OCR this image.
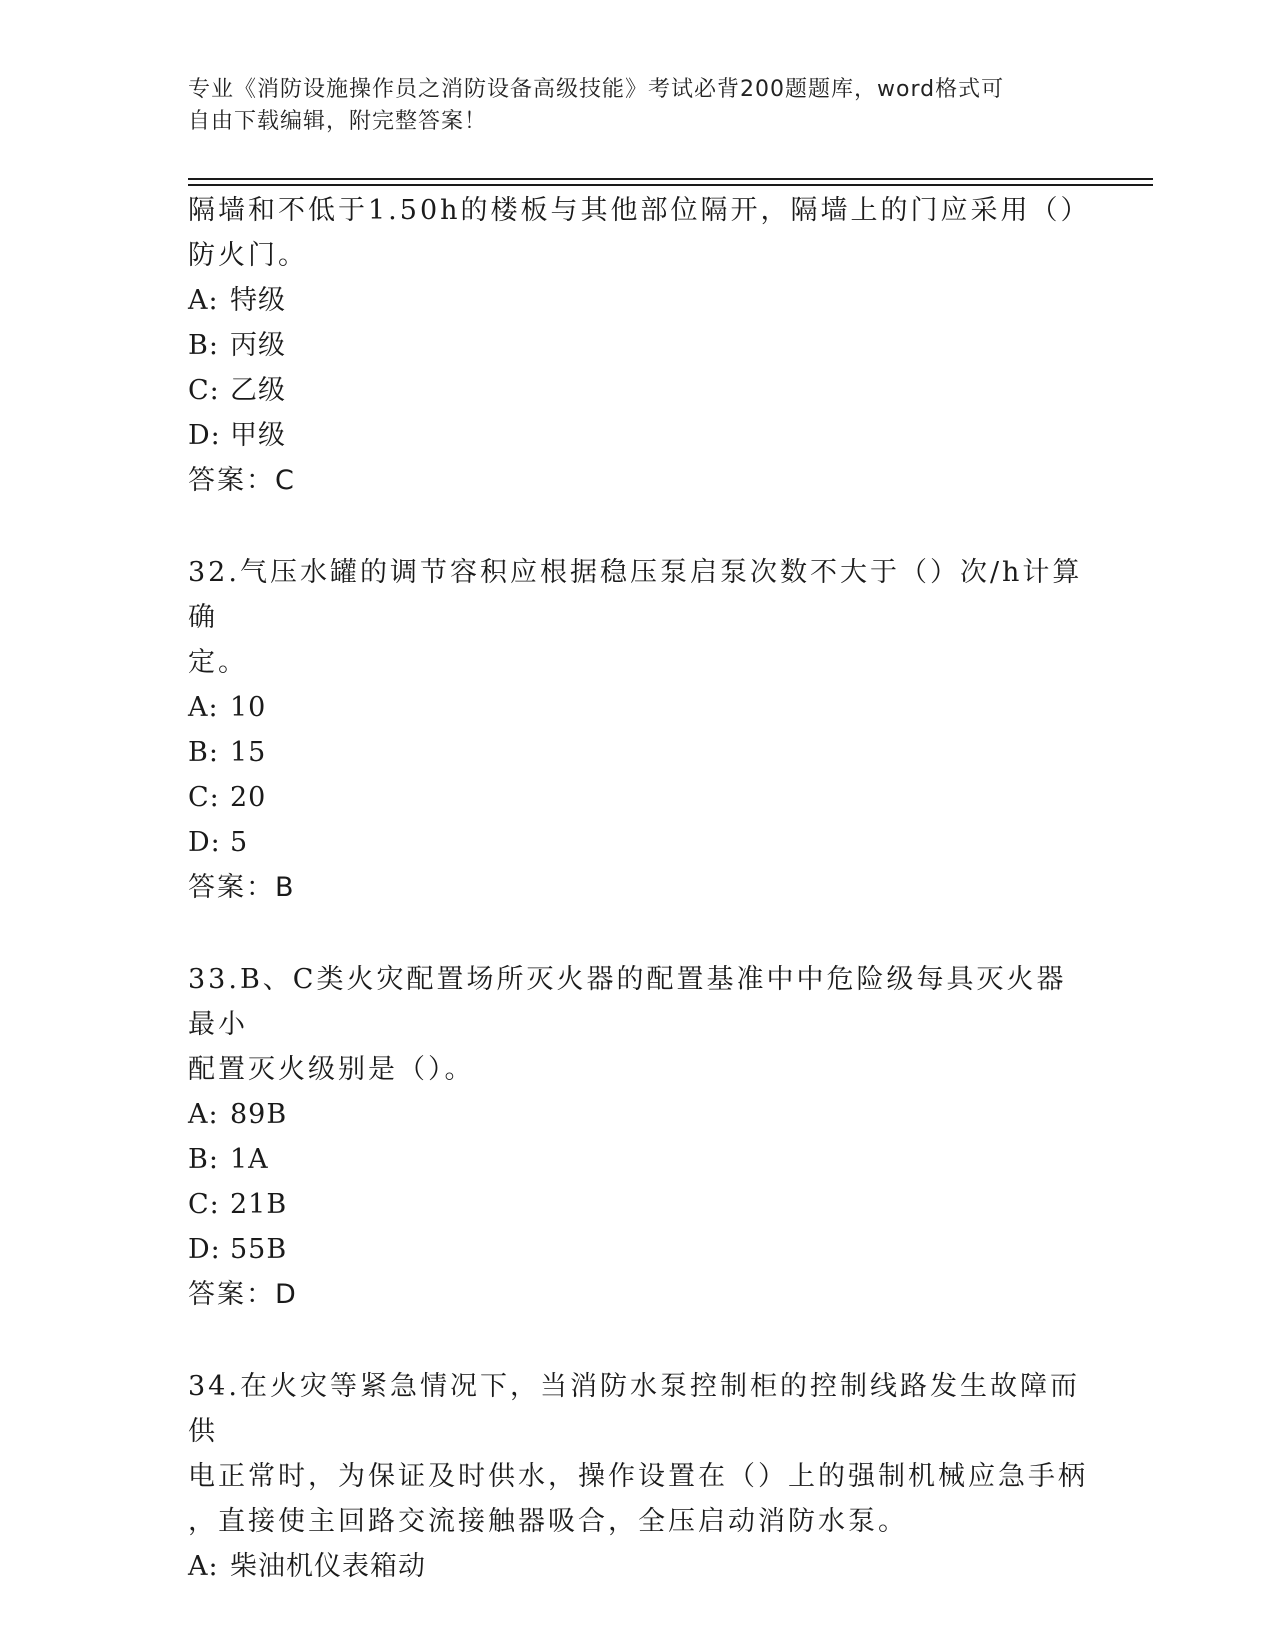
专业《消防设施操作员之消防设备高级技能》考试必背200题题库，word格式可
自由下载编辑，附完整答案！

隔墙和不低于1.50h的楼板与其他部位隔开，隔墙上的门应采用（）

防火门。

A: 特级

B: 丙级

C: 乙级

D: 甲级

答案：C

32.气压水罐的调节容积应根据稳压泵启泵次数不大于（）次/h计算确

定。

A: 10

B: 15

C: 20

D: 5

答案：B

33.B、C类火灾配置场所灭火器的配置基准中中危险级每具灭火器最小

配置灭火级别是（）。

A: 89B

B: 1A

C: 21B

D: 55B

答案：D

34.在火灾等紧急情况下，当消防水泵控制柜的控制线路发生故障而供

电正常时，为保证及时供水，操作设置在（）上的强制机械应急手柄

，直接使主回路交流接触器吸合，全压启动消防水泵。

A: 柴油机仪表箱动
